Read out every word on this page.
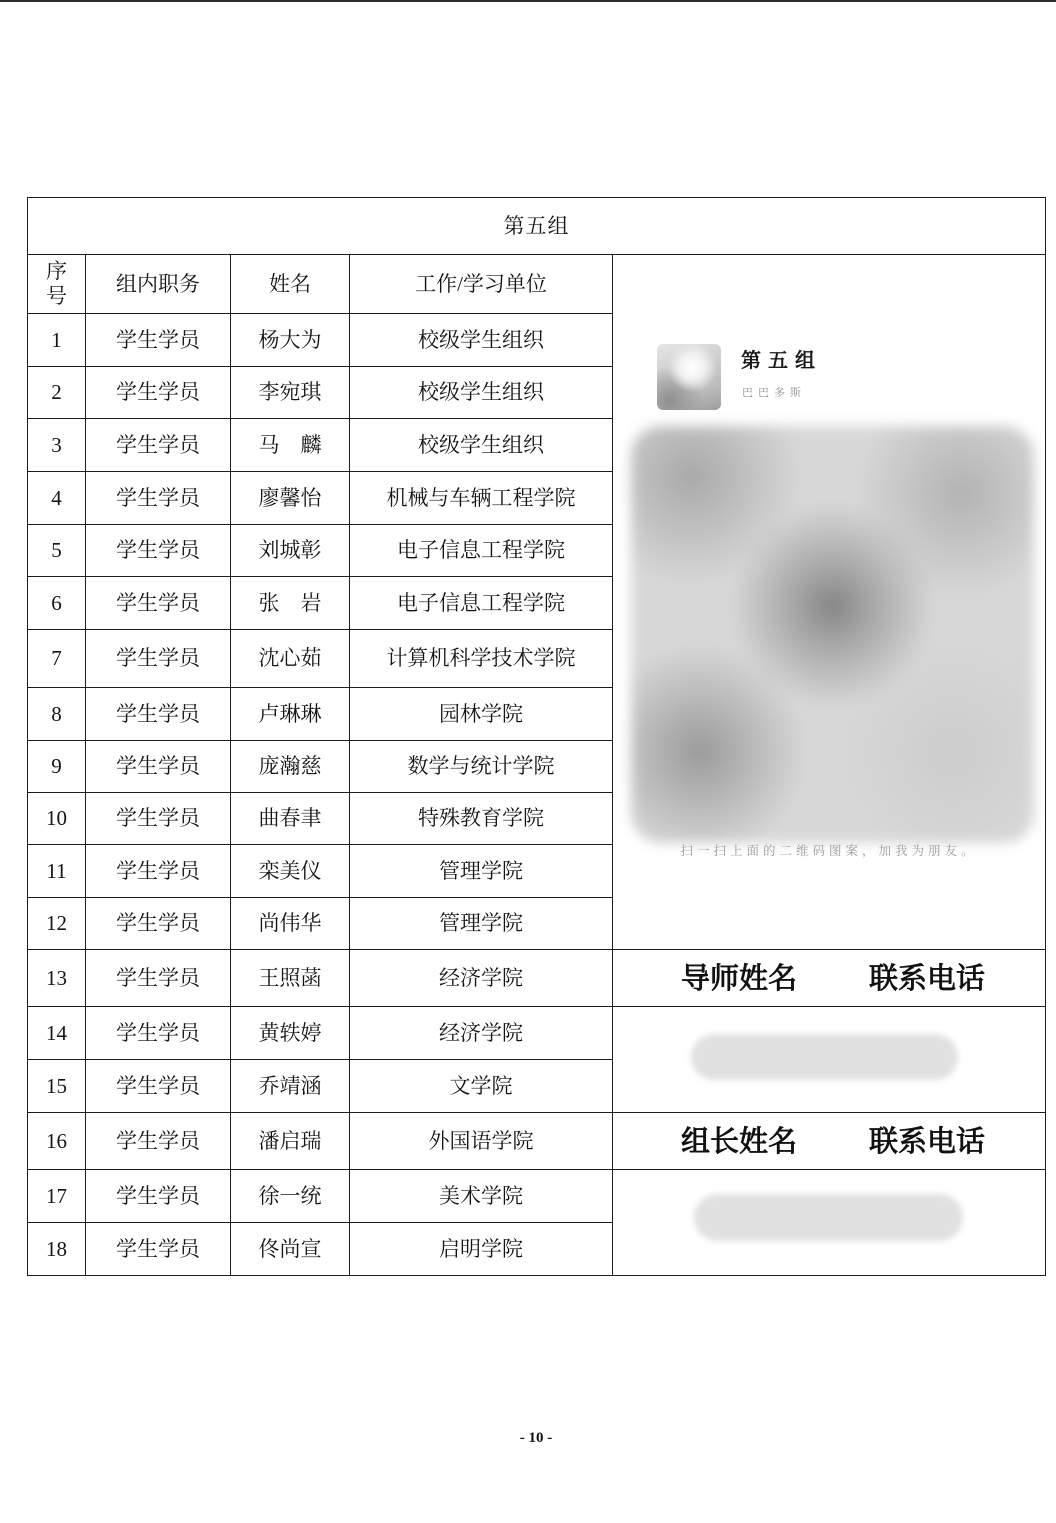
第五组				
序号	组内职务	姓名	工作/学习单位	第五组
巴巴多斯
扫一扫上面的二维码图案，加我为朋友。

1	学生学员	杨大为	校级学生组织	
2	学生学员	李宛琪	校级学生组织	
3	学生学员	马　麟	校级学生组织	
4	学生学员	廖馨怡	机械与车辆工程学院	
5	学生学员	刘城彰	电子信息工程学院	
6	学生学员	张　岩	电子信息工程学院	
7	学生学员	沈心茹	计算机科学技术学院	
8	学生学员	卢琳琳	园林学院	
9	学生学员	庞瀚慈	数学与统计学院	
10	学生学员	曲春聿	特殊教育学院	
11	学生学员	栾美仪	管理学院	
12	学生学员	尚伟华	管理学院	
13	学生学员	王照菡	经济学院	导师姓名 联系电话

14	学生学员	黄轶婷	经济学院	

15	学生学员	乔靖涵	文学院	
16	学生学员	潘启瑞	外国语学院	组长姓名 联系电话

17	学生学员	徐一统	美术学院	

18	学生学员	佟尚宣	启明学院	
- 10 -
